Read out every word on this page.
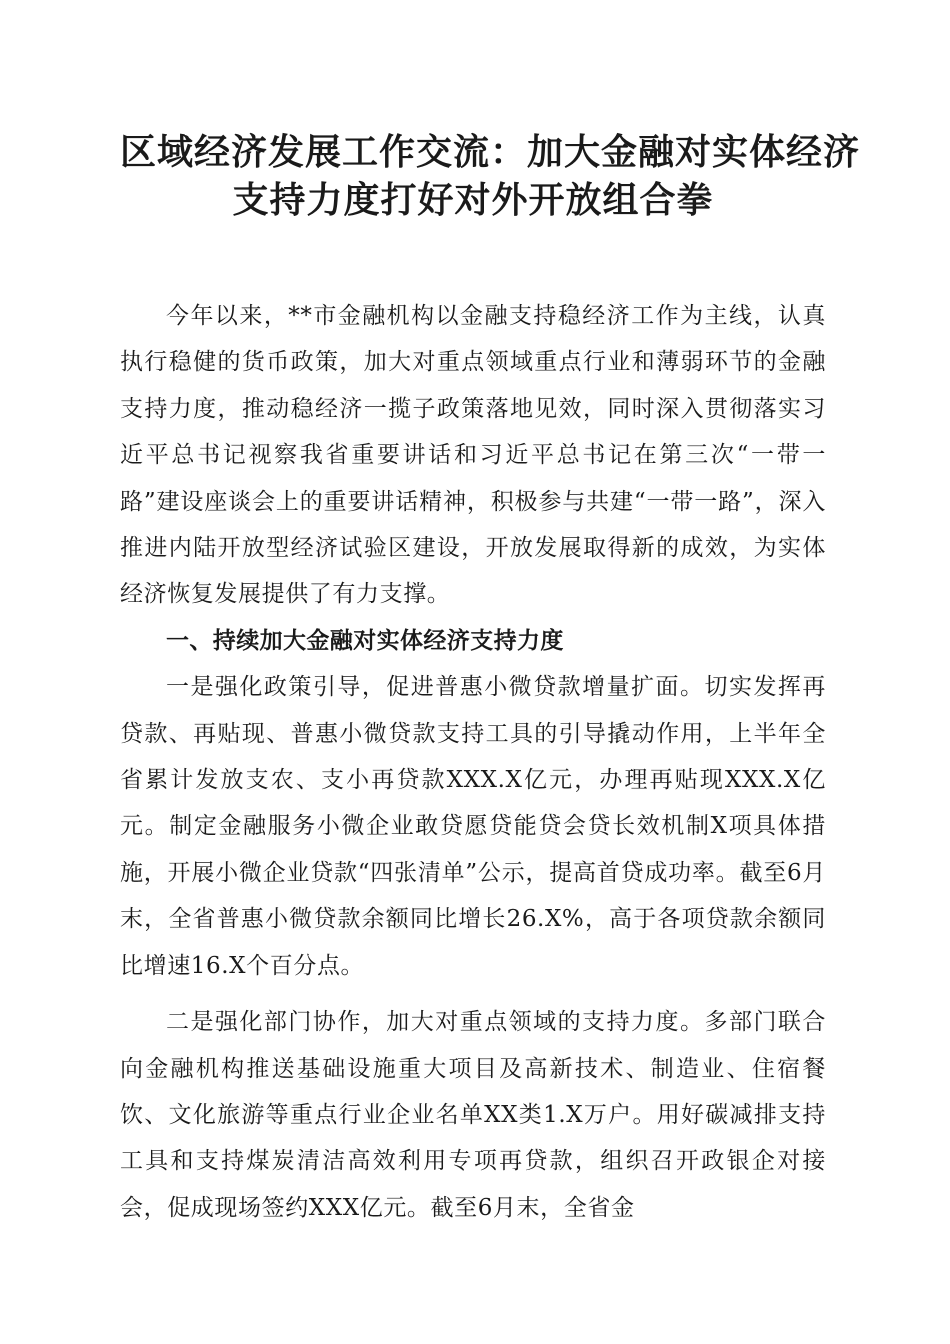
区域经济发展工作交流：加大金融对实体经济
支持力度打好对外开放组合拳

今年以来，**市金融机构以金融支持稳经济工作为主线，认真执行稳健的货币政策，加大对重点领域重点行业和薄弱环节的金融支持力度，推动稳经济一揽子政策落地见效，同时深入贯彻落实习近平总书记视察我省重要讲话和习近平总书记在第三次“一带一路”建设座谈会上的重要讲话精神，积极参与共建“一带一路”，深入推进内陆开放型经济试验区建设，开放发展取得新的成效，为实体经济恢复发展提供了有力支撑。

一、持续加大金融对实体经济支持力度

一是强化政策引导，促进普惠小微贷款增量扩面。切实发挥再贷款、再贴现、普惠小微贷款支持工具的引导撬动作用，上半年全省累计发放支农、支小再贷款XXX.X亿元，办理再贴现XXX.X亿元。制定金融服务小微企业敢贷愿贷能贷会贷长效机制X项具体措施，开展小微企业贷款“四张清单”公示，提高首贷成功率。截至6月末，全省普惠小微贷款余额同比增长26.X%，高于各项贷款余额同比增速16.X个百分点。

二是强化部门协作，加大对重点领域的支持力度。多部门联合向金融机构推送基础设施重大项目及高新技术、制造业、住宿餐饮、文化旅游等重点行业企业名单XX类1.X万户。用好碳减排支持工具和支持煤炭清洁高效利用专项再贷款，组织召开政银企对接会，促成现场签约XXX亿元。截至6月末，全省金
